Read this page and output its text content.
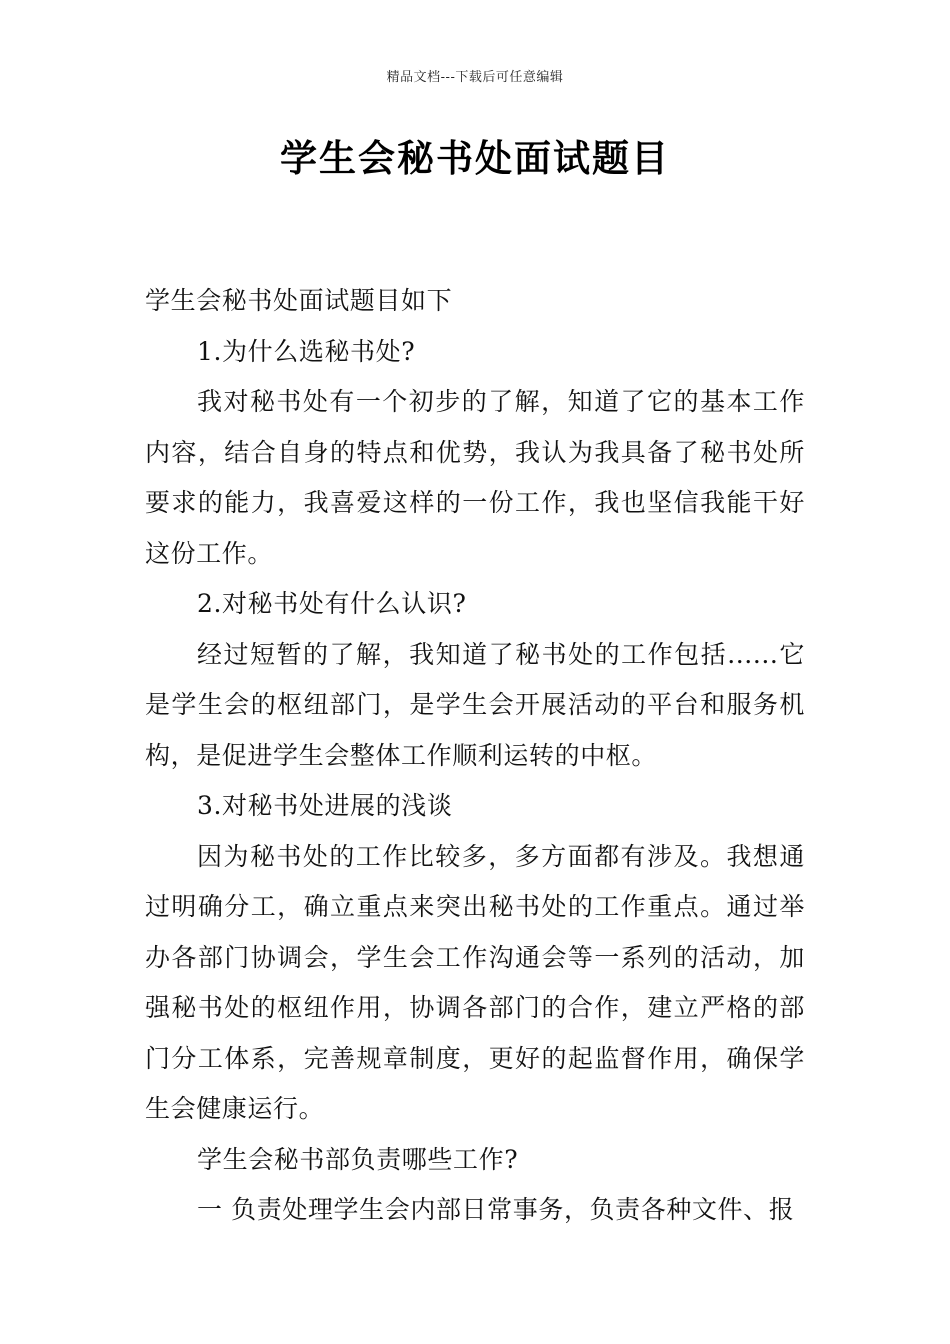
精品文档---下载后可任意编辑
学生会秘书处面试题目

学生会秘书处面试题目如下

1.为什么选秘书处?

我对秘书处有一个初步的了解，知道了它的基本工作内容，结合自身的特点和优势，我认为我具备了秘书处所要求的能力，我喜爱这样的一份工作，我也坚信我能干好这份工作。

2.对秘书处有什么认识?

经过短暂的了解，我知道了秘书处的工作包括......它是学生会的枢纽部门，是学生会开展活动的平台和服务机构，是促进学生会整体工作顺利运转的中枢。

3.对秘书处进展的浅谈

因为秘书处的工作比较多，多方面都有涉及。我想通过明确分工，确立重点来突出秘书处的工作重点。通过举办各部门协调会，学生会工作沟通会等一系列的活动，加强秘书处的枢纽作用，协调各部门的合作，建立严格的部门分工体系，完善规章制度，更好的起监督作用，确保学生会健康运行。

学生会秘书部负责哪些工作?

一 负责处理学生会内部日常事务，负责各种文件、报
